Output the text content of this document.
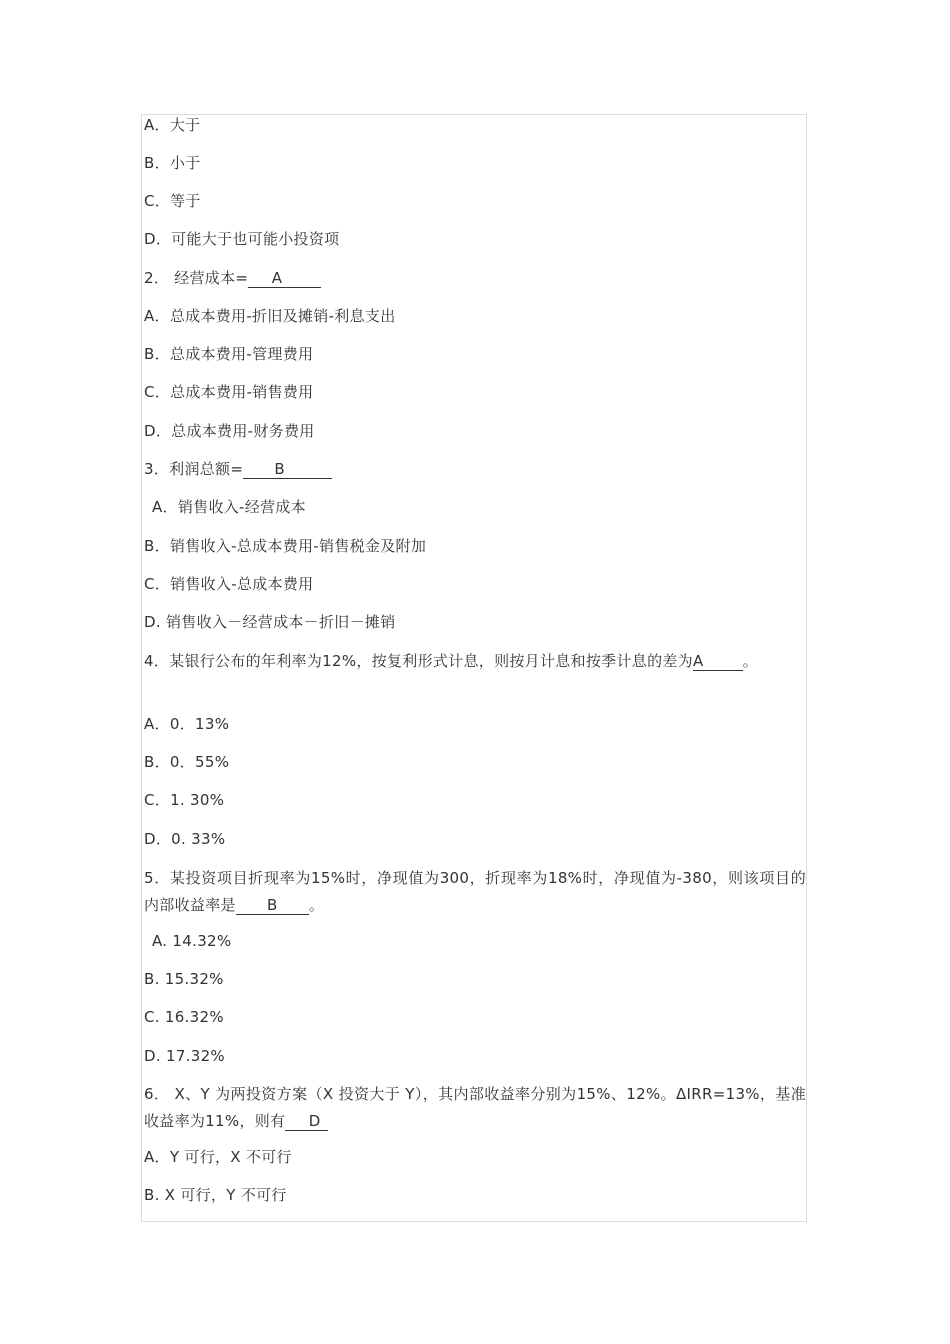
A．大于
B．小于
C．等于
D．可能大于也可能小投资项
2． 经营成本= A
A．总成本费用-折旧及摊销-利息支出
B．总成本费用-管理费用
C．总成本费用-销售费用
D．总成本费用-财务费用
3．利润总额= B
A．销售收入-经营成本
B．销售收入-总成本费用-销售税金及附加
C．销售收入-总成本费用
D. 销售收入－经营成本－折旧－摊销
4．某银行公布的年利率为12%，按复利形式计息，则按月计息和按季计息的差为A	。
A．0．13%
B．0．55%
C．1. 30%
D．0. 33%
5．某投资项目折现率为15%时，净现值为300，折现率为18%时，净现值为-380，则该项目的内部收益率是 B 。
A. 14.32%
B. 15.32%
C. 16.32%
D. 17.32%
6． X、Y 为两投资方案（X 投资大于 Y），其内部收益率分别为15%、12%。ΔIRR=13%，基准收益率为11%，则有 D
A．Y 可行，X 不可行
B. X 可行，Y 不可行
